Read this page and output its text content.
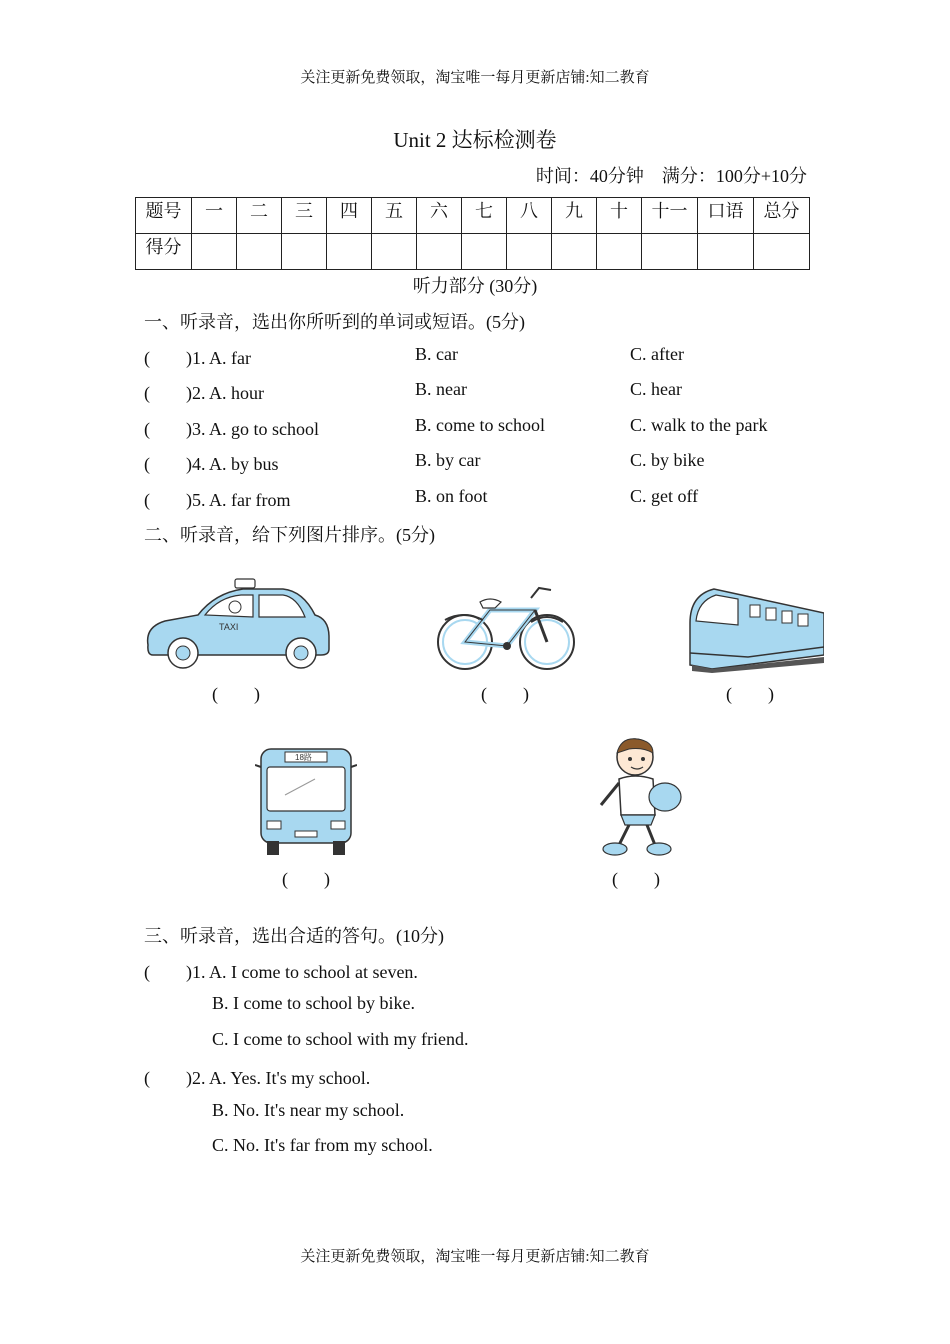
关注更新免费领取，淘宝唯一每月更新店铺:知二教育
Unit 2 达标检测卷
时间：40分钟　满分：100分+10分
题号	一	二	三	四	五	六	七	八	九	十	十一	口语	总分
得分													
听力部分 (30分)
一、听录音，选出你所听到的单词或短语。(5分)
(　　)1. A. far	B. car	C. after
(　　)2. A. hour	B. near	C. hear
(　　)3. A. go to school	B. come to school	C. walk to the park
(　　)4. A. by bus	B. by car	C. by bike
(　　)5. A. far from	B. on foot	C. get off
二、听录音，给下列图片排序。(5分)
TAXI
(　　)	(　　)	(　　)
18路
(　　)	(　　)
三、听录音，选出合适的答句。(10分)
(　　)1. A. I come to school at seven.
B. I come to school by bike.
C. I come to school with my friend.
(　　)2. A. Yes. It's my school.
B. No. It's near my school.
C. No. It's far from my school.
关注更新免费领取，淘宝唯一每月更新店铺:知二教育
